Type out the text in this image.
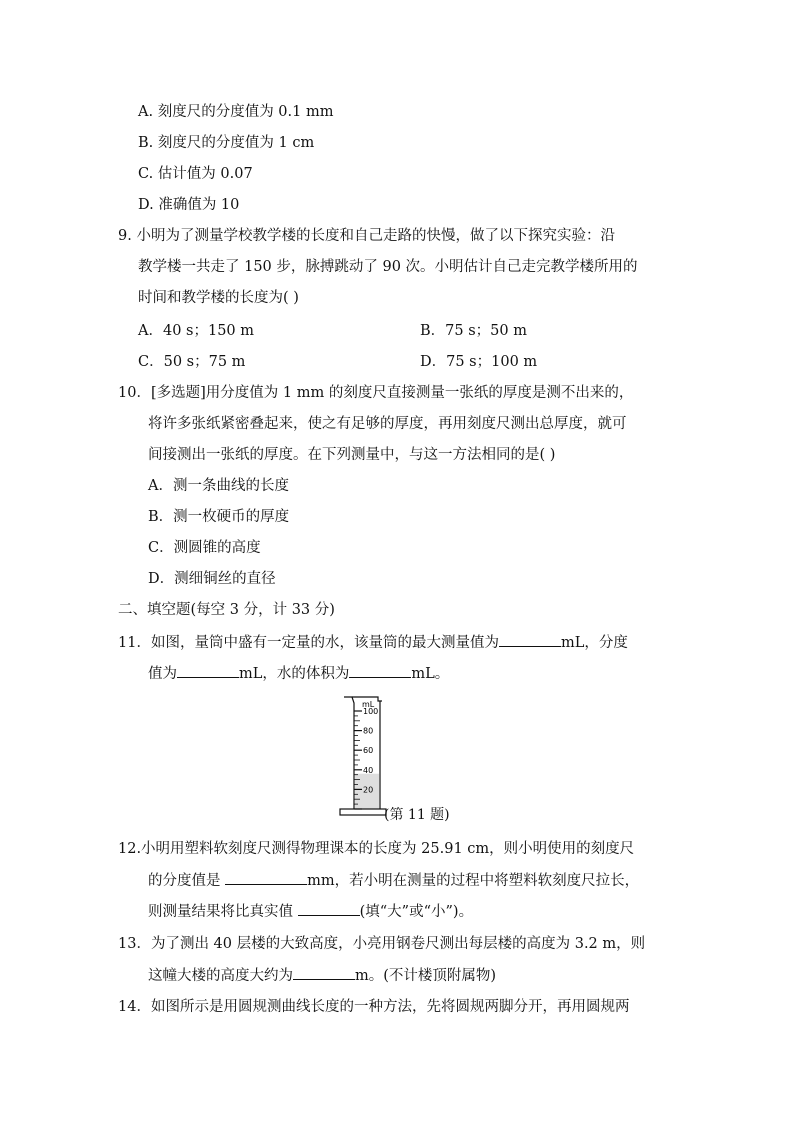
A. 刻度尺的分度值为 0.1 mm
B. 刻度尺的分度值为 1 cm
C. 估计值为 0.07
D. 准确值为 10
9. 小明为了测量学校教学楼的长度和自己走路的快慢，做了以下探究实验：沿
教学楼一共走了 150 步，脉搏跳动了 90 次。小明估计自己走完教学楼所用的
时间和教学楼的长度为( )
A．40 s；150 m	B．75 s；50 m
C．50 s；75 m	D．75 s；100 m
10．[多选题]用分度值为 1 mm 的刻度尺直接测量一张纸的厚度是测不出来的，
将许多张纸紧密叠起来，使之有足够的厚度，再用刻度尺测出总厚度，就可
间接测出一张纸的厚度。在下列测量中，与这一方法相同的是( )
A．测一条曲线的长度
B．测一枚硬币的厚度
C．测圆锥的高度
D．测细铜丝的直径
二、填空题(每空 3 分，计 33 分)
11．如图，量筒中盛有一定量的水，该量筒的最大测量值为	mL，分度
值为	mL，水的体积为	mL。
mL
100
80
60
40
20
(第 11 题)
12.小明用塑料软刻度尺测得物理课本的长度为 25.91 cm，则小明使用的刻度尺
的分度值是	mm，若小明在测量的过程中将塑料软刻度尺拉长，
则测量结果将比真实值	(填“大”或“小”)。
13．为了测出 40 层楼的大致高度，小亮用钢卷尺测出每层楼的高度为 3.2 m，则
这幢大楼的高度大约为	m。(不计楼顶附属物)
14．如图所示是用圆规测曲线长度的一种方法，先将圆规两脚分开，再用圆规两
